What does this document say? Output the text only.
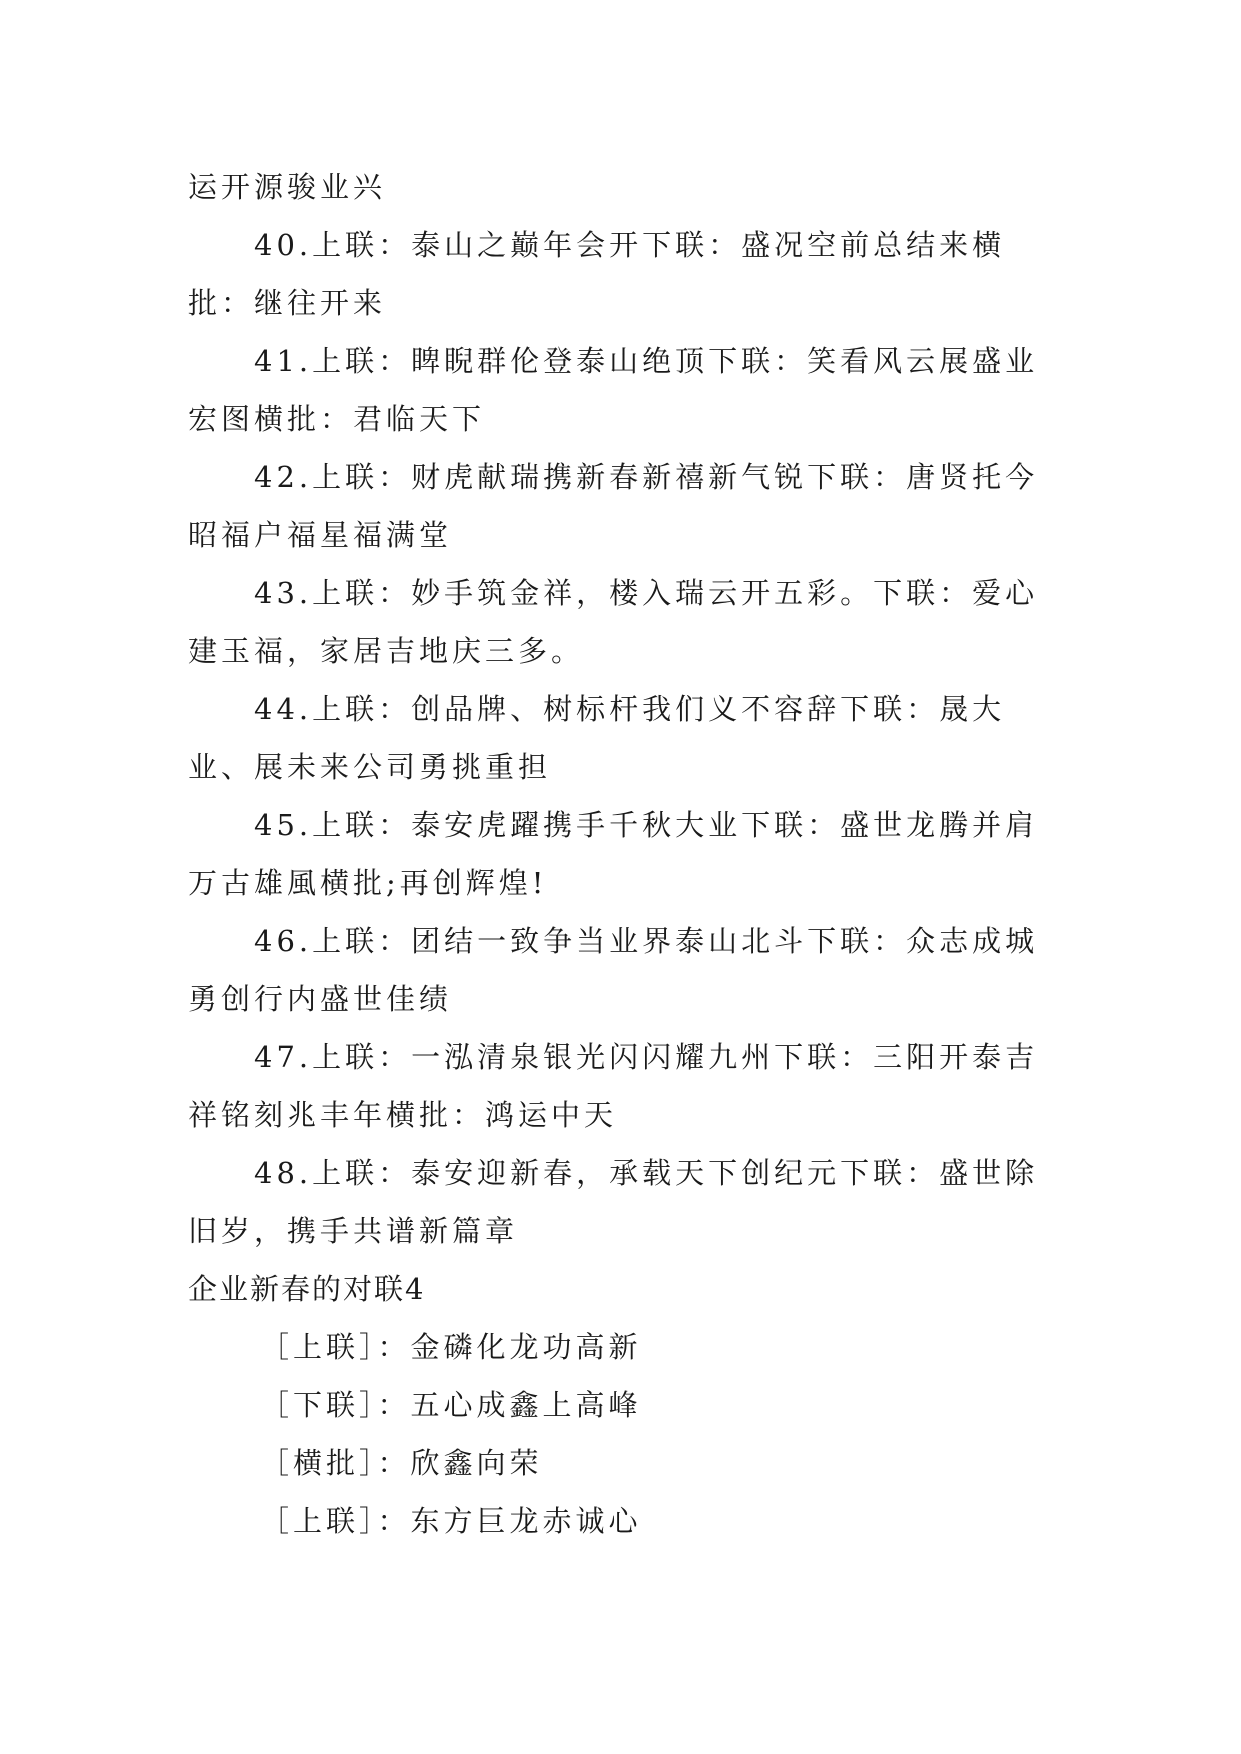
运开源骏业兴

40.上联：泰山之巅年会开下联：盛况空前总结来横批：继往开来

41.上联：睥睨群伦登泰山绝顶下联：笑看风云展盛业宏图横批：君临天下

42.上联：财虎献瑞携新春新禧新气锐下联：唐贤托今昭福户福星福满堂

43.上联：妙手筑金祥，楼入瑞云开五彩。下联：爱心建玉福，家居吉地庆三多。

44.上联：创品牌、树标杆我们义不容辞下联：晟大业、展未来公司勇挑重担

45.上联：泰安虎躍携手千秋大业下联：盛世龙腾并肩万古雄風横批;再创辉煌!

46.上联：团结一致争当业界泰山北斗下联：众志成城勇创行内盛世佳绩

47.上联：一泓清泉银光闪闪耀九州下联：三阳开泰吉祥铭刻兆丰年横批：鸿运中天

48.上联：泰安迎新春，承载天下创纪元下联：盛世除旧岁，携手共谱新篇章

企业新春的对联4

［上联］：金磷化龙功高新

［下联］：五心成鑫上高峰

［横批］：欣鑫向荣

［上联］：东方巨龙赤诚心
